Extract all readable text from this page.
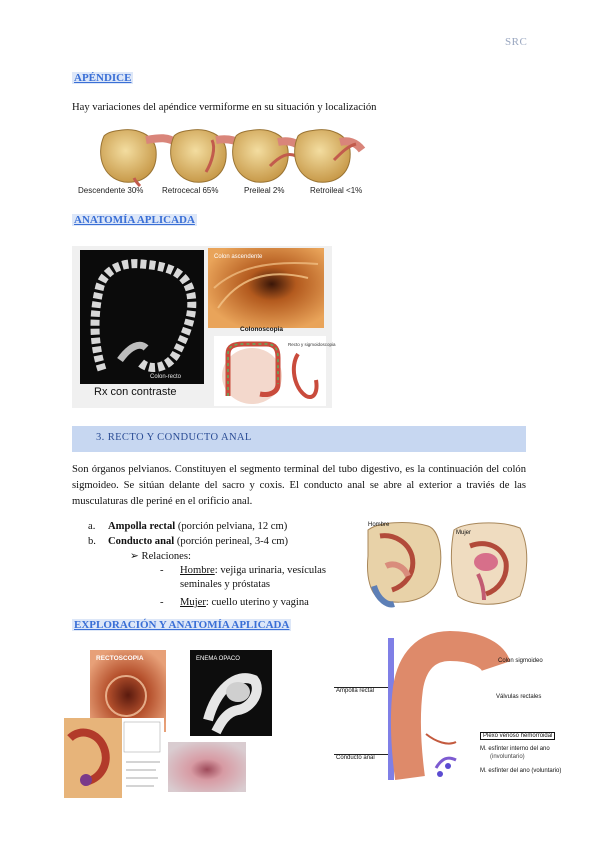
SRC
APÉNDICE
Hay variaciones del apéndice vermiforme en su situación y localización
Descendente 30% Retrocecal 65%	Preileal 2%	Retroileal <1%
ANATOMÍA APLICADA
Colon-recto
Rx con contraste
Colon ascendente
Colonoscopia
Recto y sigmoidoscopia
3. RECTO Y CONDUCTO ANAL
Son órganos pelvianos. Constituyen el segmento terminal del tubo digestivo, es la continuación del colón sigmoideo. Se sitúan delante del sacro y coxis. El conducto anal se abre al exterior a traviés de las musculaturas dle periné en el orificio anal.
a. Ampolla rectal (porción pelviana, 12 cm)
b. Conducto anal (porción perineal, 3-4 cm)
➢ Relaciones:
- Hombre: vejiga urinaria, vesículas seminales y próstatas
- Mujer: cuello uterino y vagina
Hombre
Mujer
EXPLORACIÓN Y ANATOMÍA APLICADA
RECTOSCOPIA	ENEMA OPACO
Ampolla rectal
Conducto anal
Colon sigmoideo
Válvulas rectales
Plexo venoso hemorroidal
M. esfínter interno del ano
(involuntario)
M. esfínter del ano (voluntario)
